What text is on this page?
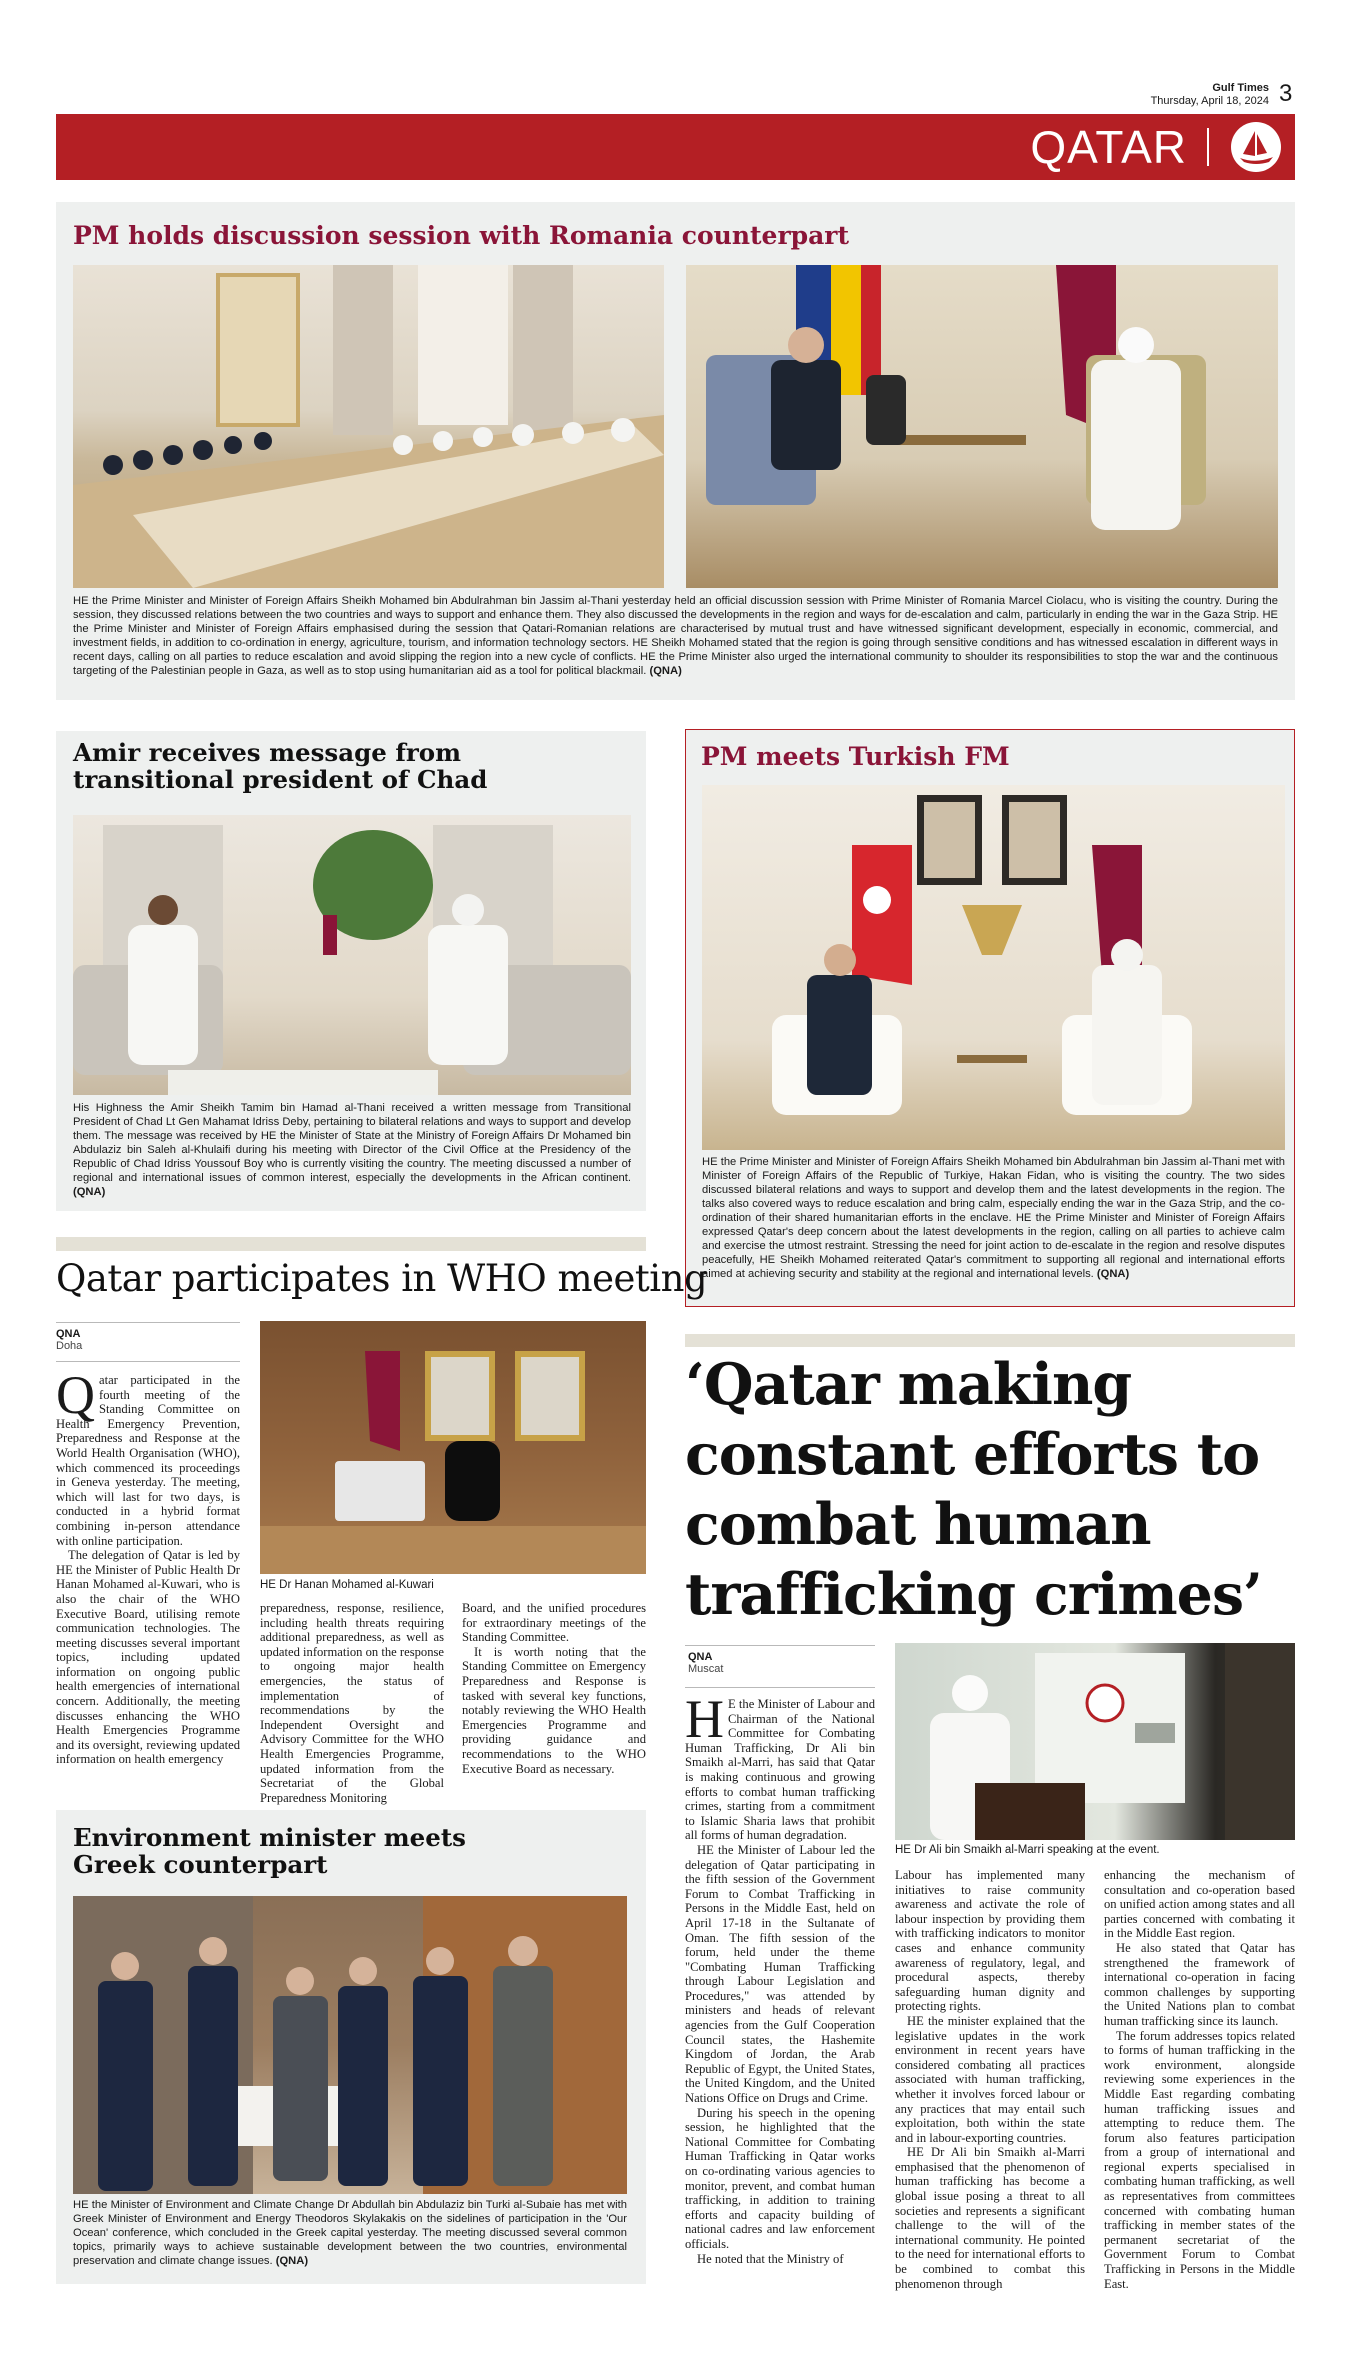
Gulf Times
Thursday, April 18, 2024 3
QATAR
PM holds discussion session with Romania counterpart
HE the Prime Minister and Minister of Foreign Affairs Sheikh Mohamed bin Abdulrahman bin Jassim al-Thani yesterday held an official discussion session with Prime Minister of Romania Marcel Ciolacu, who is visiting the country. During the session, they discussed relations between the two countries and ways to support and enhance them. They also discussed the developments in the region and ways for de-escalation and calm, particularly in ending the war in the Gaza Strip. HE the Prime Minister and Minister of Foreign Affairs emphasised during the session that Qatari-Romanian relations are characterised by mutual trust and have witnessed significant development, especially in economic, commercial, and investment fields, in addition to co-ordination in energy, agriculture, tourism, and information technology sectors. HE Sheikh Mohamed stated that the region is going through sensitive conditions and has witnessed escalation in different ways in recent days, calling on all parties to reduce escalation and avoid slipping the region into a new cycle of conflicts. HE the Prime Minister also urged the international community to shoulder its responsibilities to stop the war and the continuous targeting of the Palestinian people in Gaza, as well as to stop using humanitarian aid as a tool for political blackmail. (QNA)
Amir receives message from transitional president of Chad
His Highness the Amir Sheikh Tamim bin Hamad al-Thani received a written message from Transitional President of Chad Lt Gen Mahamat Idriss Deby, pertaining to bilateral relations and ways to support and develop them. The message was received by HE the Minister of State at the Ministry of Foreign Affairs Dr Mohamed bin Abdulaziz bin Saleh al-Khulaifi during his meeting with Director of the Civil Office at the Presidency of the Republic of Chad Idriss Youssouf Boy who is currently visiting the country. The meeting discussed a number of regional and international issues of common interest, especially the developments in the African continent. (QNA)
PM meets Turkish FM
HE the Prime Minister and Minister of Foreign Affairs Sheikh Mohamed bin Abdulrahman bin Jassim al-Thani met with Minister of Foreign Affairs of the Republic of Turkiye, Hakan Fidan, who is visiting the country. The two sides discussed bilateral relations and ways to support and develop them and the latest developments in the region. The talks also covered ways to reduce escalation and bring calm, especially ending the war in the Gaza Strip, and the co-ordination of their shared humanitarian efforts in the enclave. HE the Prime Minister and Minister of Foreign Affairs expressed Qatar's deep concern about the latest developments in the region, calling on all parties to achieve calm and exercise the utmost restraint. Stressing the need for joint action to de-escalate in the region and resolve disputes peacefully, HE Sheikh Mohamed reiterated Qatar's commitment to supporting all regional and international efforts aimed at achieving security and stability at the regional and international levels. (QNA)
Qatar participates in WHO meeting
QNA
Doha
HE Dr Hanan Mohamed al-Kuwari

Qatar participated in the fourth meeting of the Standing Committee on Health Emergency Prevention, Preparedness and Response at the World Health Organisation (WHO), which commenced its proceedings in Geneva yesterday. The meeting, which will last for two days, is conducted in a hybrid format combining in-person attendance with online participation.

The delegation of Qatar is led by HE the Minister of Public Health Dr Hanan Mohamed al-Kuwari, who is also the chair of the WHO Executive Board, utilising remote communication technologies. The meeting discusses several important topics, including updated information on ongoing public health emergencies of international concern. Additionally, the meeting discusses enhancing the WHO Health Emergencies Programme and its oversight, reviewing updated information on health emergency

preparedness, response, resilience, including health threats requiring additional preparedness, as well as updated information on the response to ongoing major health emergencies, the status of implementation of recommendations by the Independent Oversight and Advisory Committee for the WHO Health Emergencies Programme, updated information from the Secretariat of the Global Preparedness Monitoring

Board, and the unified procedures for extraordinary meetings of the Standing Committee.

It is worth noting that the Standing Committee on Emergency Preparedness and Response is tasked with several key functions, notably reviewing the WHO Health Emergencies Programme and providing guidance and recommendations to the WHO Executive Board as necessary.

‘Qatar making constant efforts to combat human trafficking crimes’
QNA
Muscat
HE Dr Ali bin Smaikh al-Marri speaking at the event.

H E the Minister of Labour and Chairman of the National Committee for Combating Human Trafficking, Dr Ali bin Smaikh al-Marri, has said that Qatar is making continuous and growing efforts to combat human trafficking crimes, starting from a commitment to Islamic Sharia laws that prohibit all forms of human degradation.

HE the Minister of Labour led the delegation of Qatar participating in the fifth session of the Government Forum to Combat Trafficking in Persons in the Middle East, held on April 17-18 in the Sultanate of Oman. The fifth session of the forum, held under the theme "Combating Human Trafficking through Labour Legislation and Procedures," was attended by ministers and heads of relevant agencies from the Gulf Cooperation Council states, the Hashemite Kingdom of Jordan, the Arab Republic of Egypt, the United States, the United Kingdom, and the United Nations Office on Drugs and Crime.

During his speech in the opening session, he highlighted that the National Committee for Combating Human Trafficking in Qatar works on co-ordinating various agencies to monitor, prevent, and combat human trafficking, in addition to training efforts and capacity building of national cadres and law enforcement officials.

He noted that the Ministry of

Labour has implemented many initiatives to raise community awareness and activate the role of labour inspection by providing them with trafficking indicators to monitor cases and enhance community awareness of regulatory, legal, and procedural aspects, thereby safeguarding human dignity and protecting rights.

HE the minister explained that the legislative updates in the work environment in recent years have considered combating all practices associated with human trafficking, whether it involves forced labour or any practices that may entail such exploitation, both within the state and in labour-exporting countries.

HE Dr Ali bin Smaikh al-Marri emphasised that the phenomenon of human trafficking has become a global issue posing a threat to all societies and represents a significant challenge to the will of the international community. He pointed to the need for international efforts to be combined to combat this phenomenon through

enhancing the mechanism of consultation and co-operation based on unified action among states and all parties concerned with combating it in the Middle East region.

He also stated that Qatar has strengthened the framework of international co-operation in facing common challenges by supporting the United Nations plan to combat human trafficking since its launch.

The forum addresses topics related to forms of human trafficking in the work environment, alongside reviewing some experiences in the Middle East regarding combating human trafficking issues and attempting to reduce them. The forum also features participation from a group of international and regional experts specialised in combating human trafficking, as well as representatives from committees concerned with combating human trafficking in member states of the permanent secretariat of the Government Forum to Combat Trafficking in Persons in the Middle East.

Environment minister meets Greek counterpart
HE the Minister of Environment and Climate Change Dr Abdullah bin Abdulaziz bin Turki al-Subaie has met with Greek Minister of Environment and Energy Theodoros Skylakakis on the sidelines of participation in the 'Our Ocean' conference, which concluded in the Greek capital yesterday. The meeting discussed several common topics, primarily ways to achieve sustainable development between the two countries, environmental preservation and climate change issues. (QNA)
